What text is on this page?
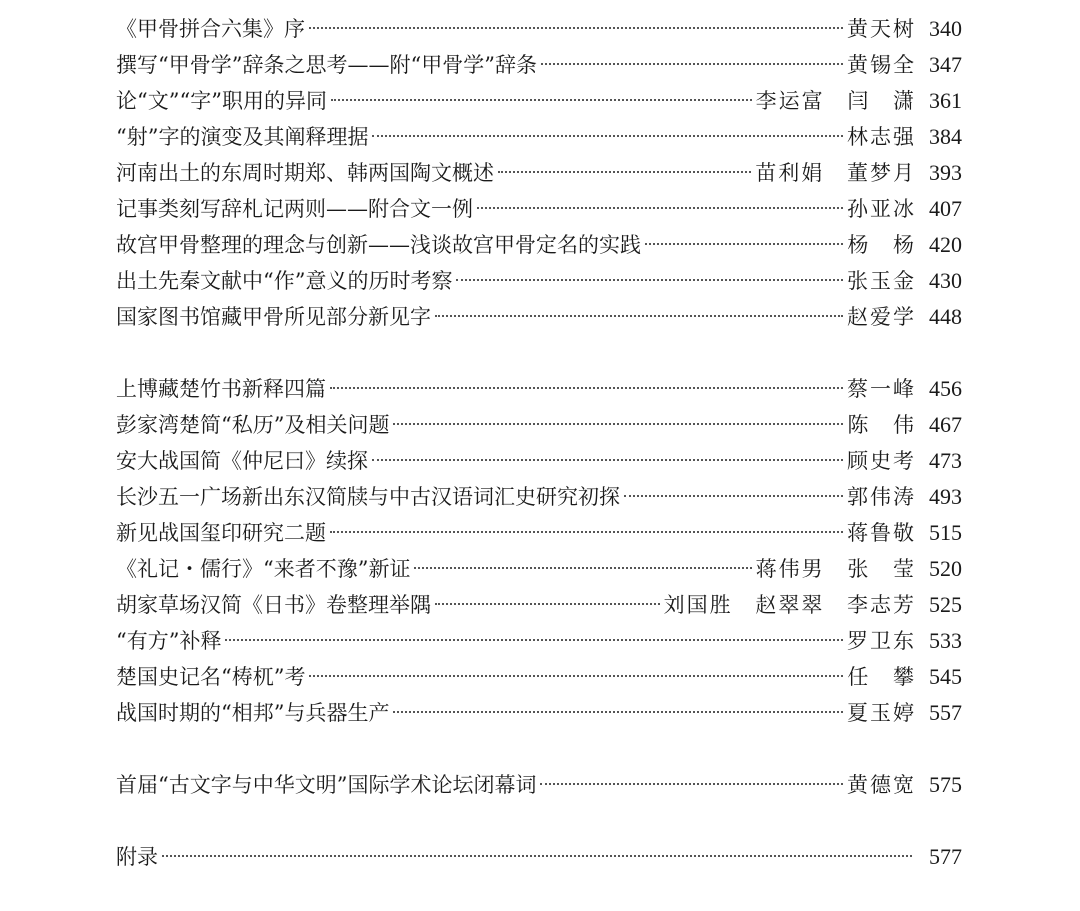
《甲骨拼合六集》序	黄天树 340
撰写“甲骨学”辞条之思考——附“甲骨学”辞条	黄锡全 347
论“文”“字”职用的异同	李运富 闫 潇 361
“射”字的演变及其阐释理据	林志强 384
河南出土的东周时期郑、韩两国陶文概述	苗利娟 董梦月 393
记事类刻写辞札记两则——附合文一例	孙亚冰 407
故宫甲骨整理的理念与创新——浅谈故宫甲骨定名的实践	杨 杨 420
出土先秦文献中“作”意义的历时考察	张玉金 430
国家图书馆藏甲骨所见部分新见字	赵爱学 448
上博藏楚竹书新释四篇	蔡一峰 456
彭家湾楚简“私历”及相关问题	陈 伟 467
安大战国简《仲尼曰》续探	顾史考 473
长沙五一广场新出东汉简牍与中古汉语词汇史研究初探	郭伟涛 493
新见战国玺印研究二题	蒋鲁敬 515
《礼记・儒行》“来者不豫”新证	蒋伟男 张 莹 520
胡家草场汉简《日书》卷整理举隅	刘国胜 赵翠翠 李志芳 525
“有方”补释	罗卫东 533
楚国史记名“梼杌”考	任 攀 545
战国时期的“相邦”与兵器生产	夏玉婷 557
首届“古文字与中华文明”国际学术论坛闭幕词	黄德宽 575
附录	577
